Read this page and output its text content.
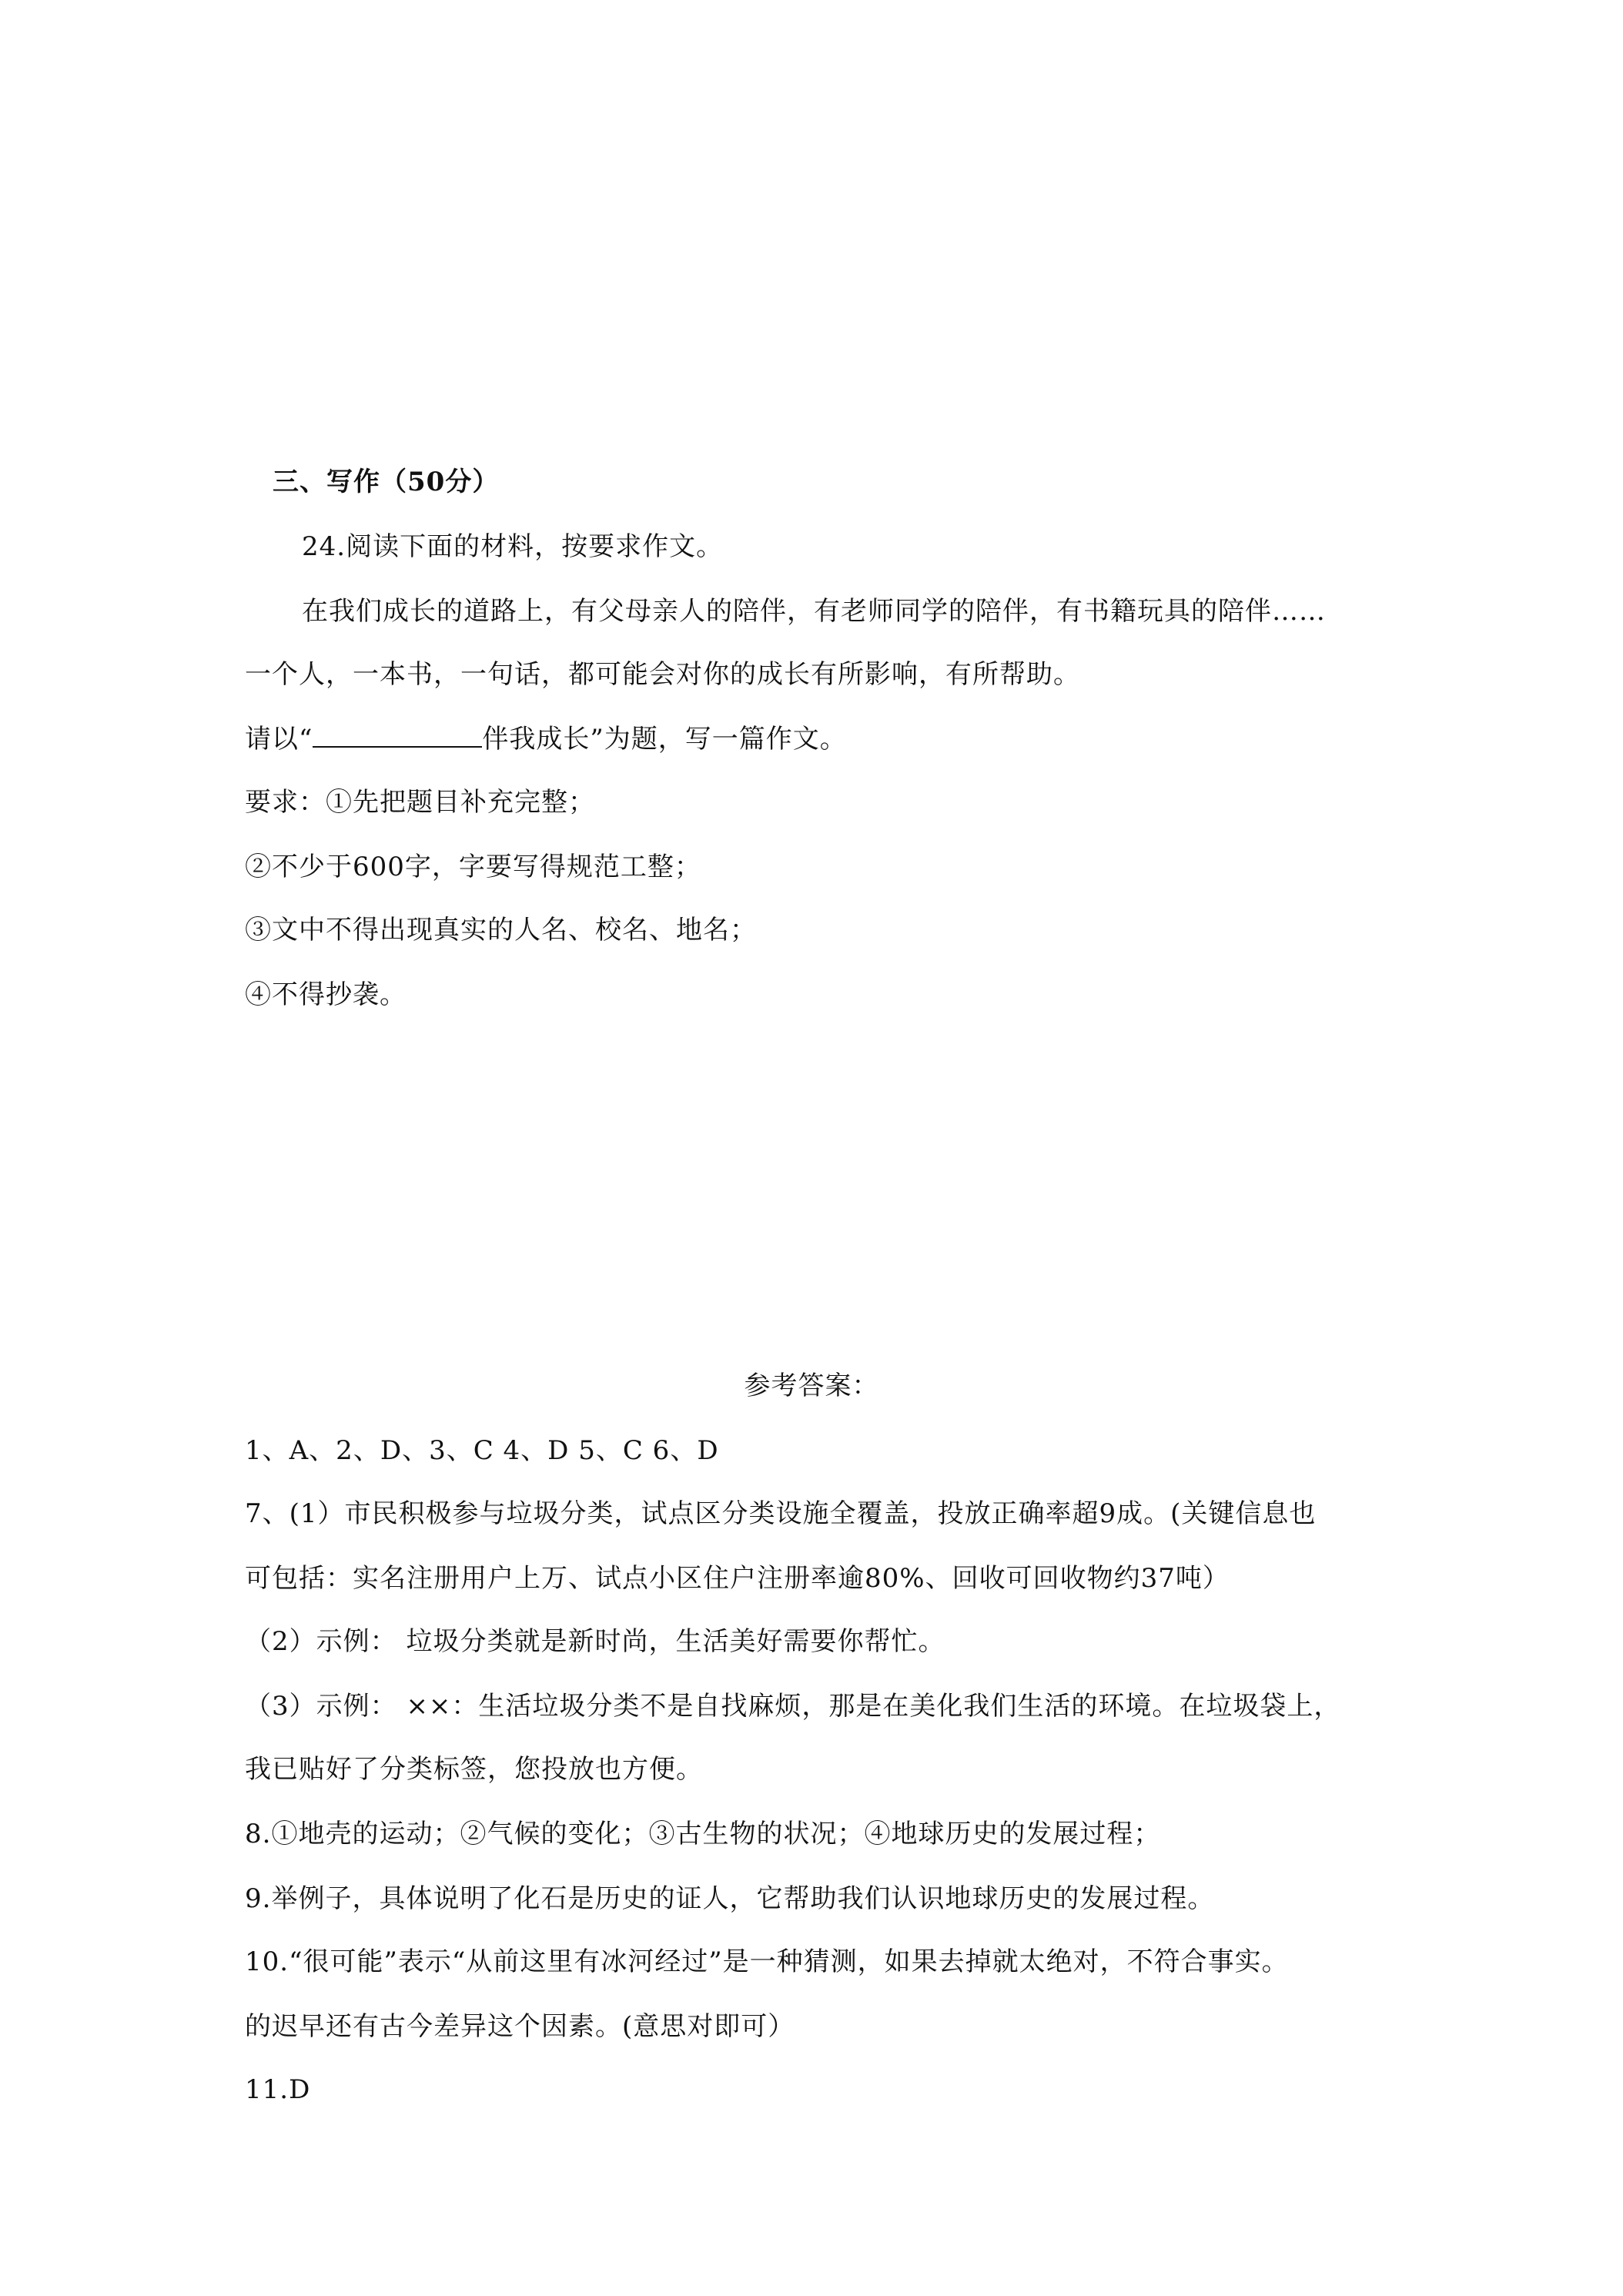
三、写作（50分）
24.阅读下面的材料，按要求作文。
在我们成长的道路上，有父母亲人的陪伴，有老师同学的陪伴，有书籍玩具的陪伴……
一个人，一本书，一句话，都可能会对你的成长有所影响，有所帮助。
请以“	伴我成长”为题，写一篇作文。
要求：①先把题目补充完整；
②不少于600字，字要写得规范工整；
③文中不得出现真实的人名、校名、地名；
④不得抄袭。
参考答案：
1、A、2、D、3、C 4、D 5、C 6、D
7、(1）市民积极参与垃圾分类，试点区分类设施全覆盖，投放正确率超9成。(关键信息也
可包括：实名注册用户上万、试点小区住户注册率逾80%、回收可回收物约37吨）
（2）示例： 垃圾分类就是新时尚，生活美好需要你帮忙。
（3）示例： ××：生活垃圾分类不是自找麻烦，那是在美化我们生活的环境。在垃圾袋上，
我已贴好了分类标签，您投放也方便。
8.①地壳的运动；②气候的变化；③古生物的状况；④地球历史的发展过程；
9.举例子，具体说明了化石是历史的证人，它帮助我们认识地球历史的发展过程。
10.“很可能”表示“从前这里有冰河经过”是一种猜测，如果去掉就太绝对，不符合事实。
的迟早还有古今差异这个因素。(意思对即可）
11.D
